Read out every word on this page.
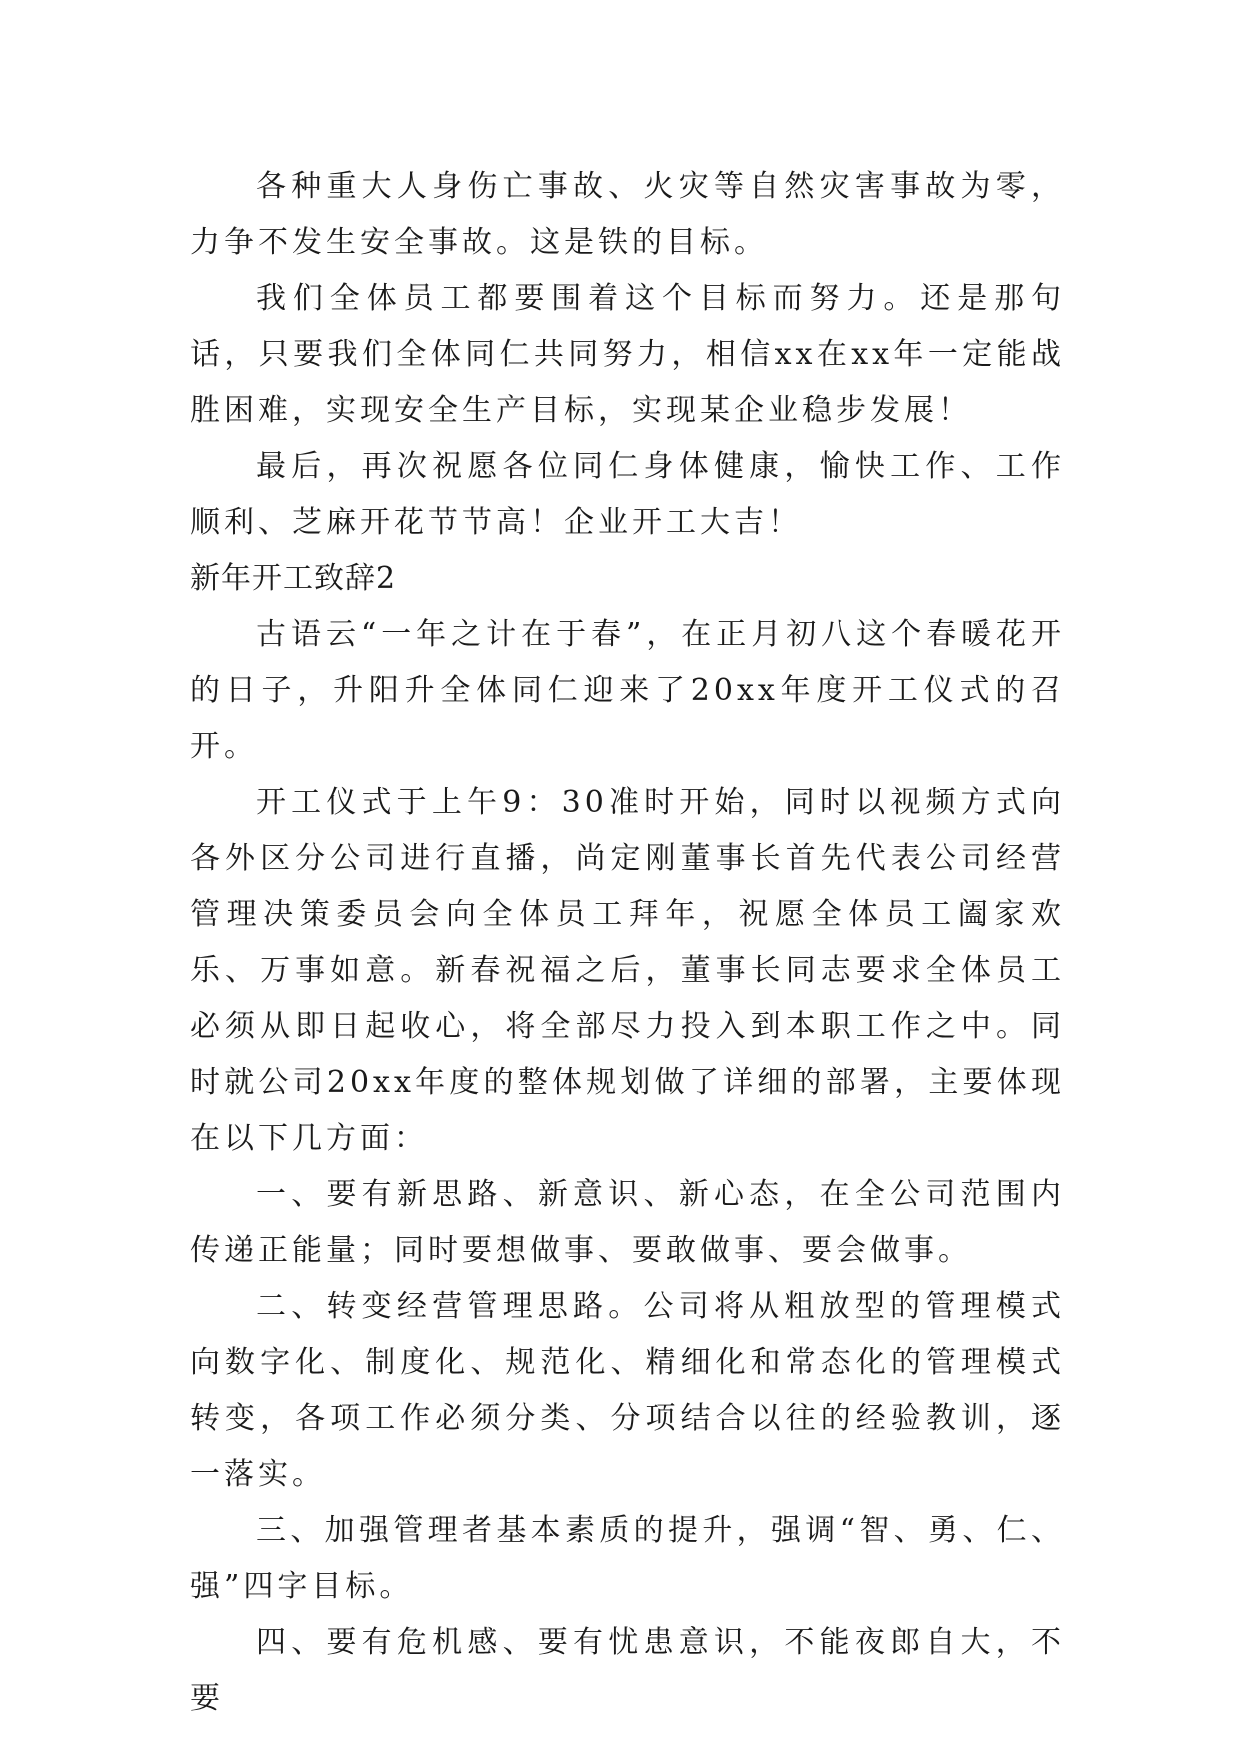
各种重大人身伤亡事故、火灾等自然灾害事故为零，力争不发生安全事故。这是铁的目标。

我们全体员工都要围着这个目标而努力。还是那句话，只要我们全体同仁共同努力，相信xx在xx年一定能战胜困难，实现安全生产目标，实现某企业稳步发展！

最后，再次祝愿各位同仁身体健康，愉快工作、工作顺利、芝麻开花节节高！企业开工大吉！

新年开工致辞2

古语云“一年之计在于春”，在正月初八这个春暖花开的日子，升阳升全体同仁迎来了20xx年度开工仪式的召开。

开工仪式于上午9：30准时开始，同时以视频方式向各外区分公司进行直播，尚定刚董事长首先代表公司经营管理决策委员会向全体员工拜年，祝愿全体员工阖家欢乐、万事如意。新春祝福之后，董事长同志要求全体员工必须从即日起收心，将全部尽力投入到本职工作之中。同时就公司20xx年度的整体规划做了详细的部署，主要体现在以下几方面：

一、要有新思路、新意识、新心态，在全公司范围内传递正能量；同时要想做事、要敢做事、要会做事。

二、转变经营管理思路。公司将从粗放型的管理模式向数字化、制度化、规范化、精细化和常态化的管理模式转变，各项工作必须分类、分项结合以往的经验教训，逐一落实。

三、加强管理者基本素质的提升，强调“智、勇、仁、强”四字目标。

四、要有危机感、要有忧患意识，不能夜郎自大，不要
